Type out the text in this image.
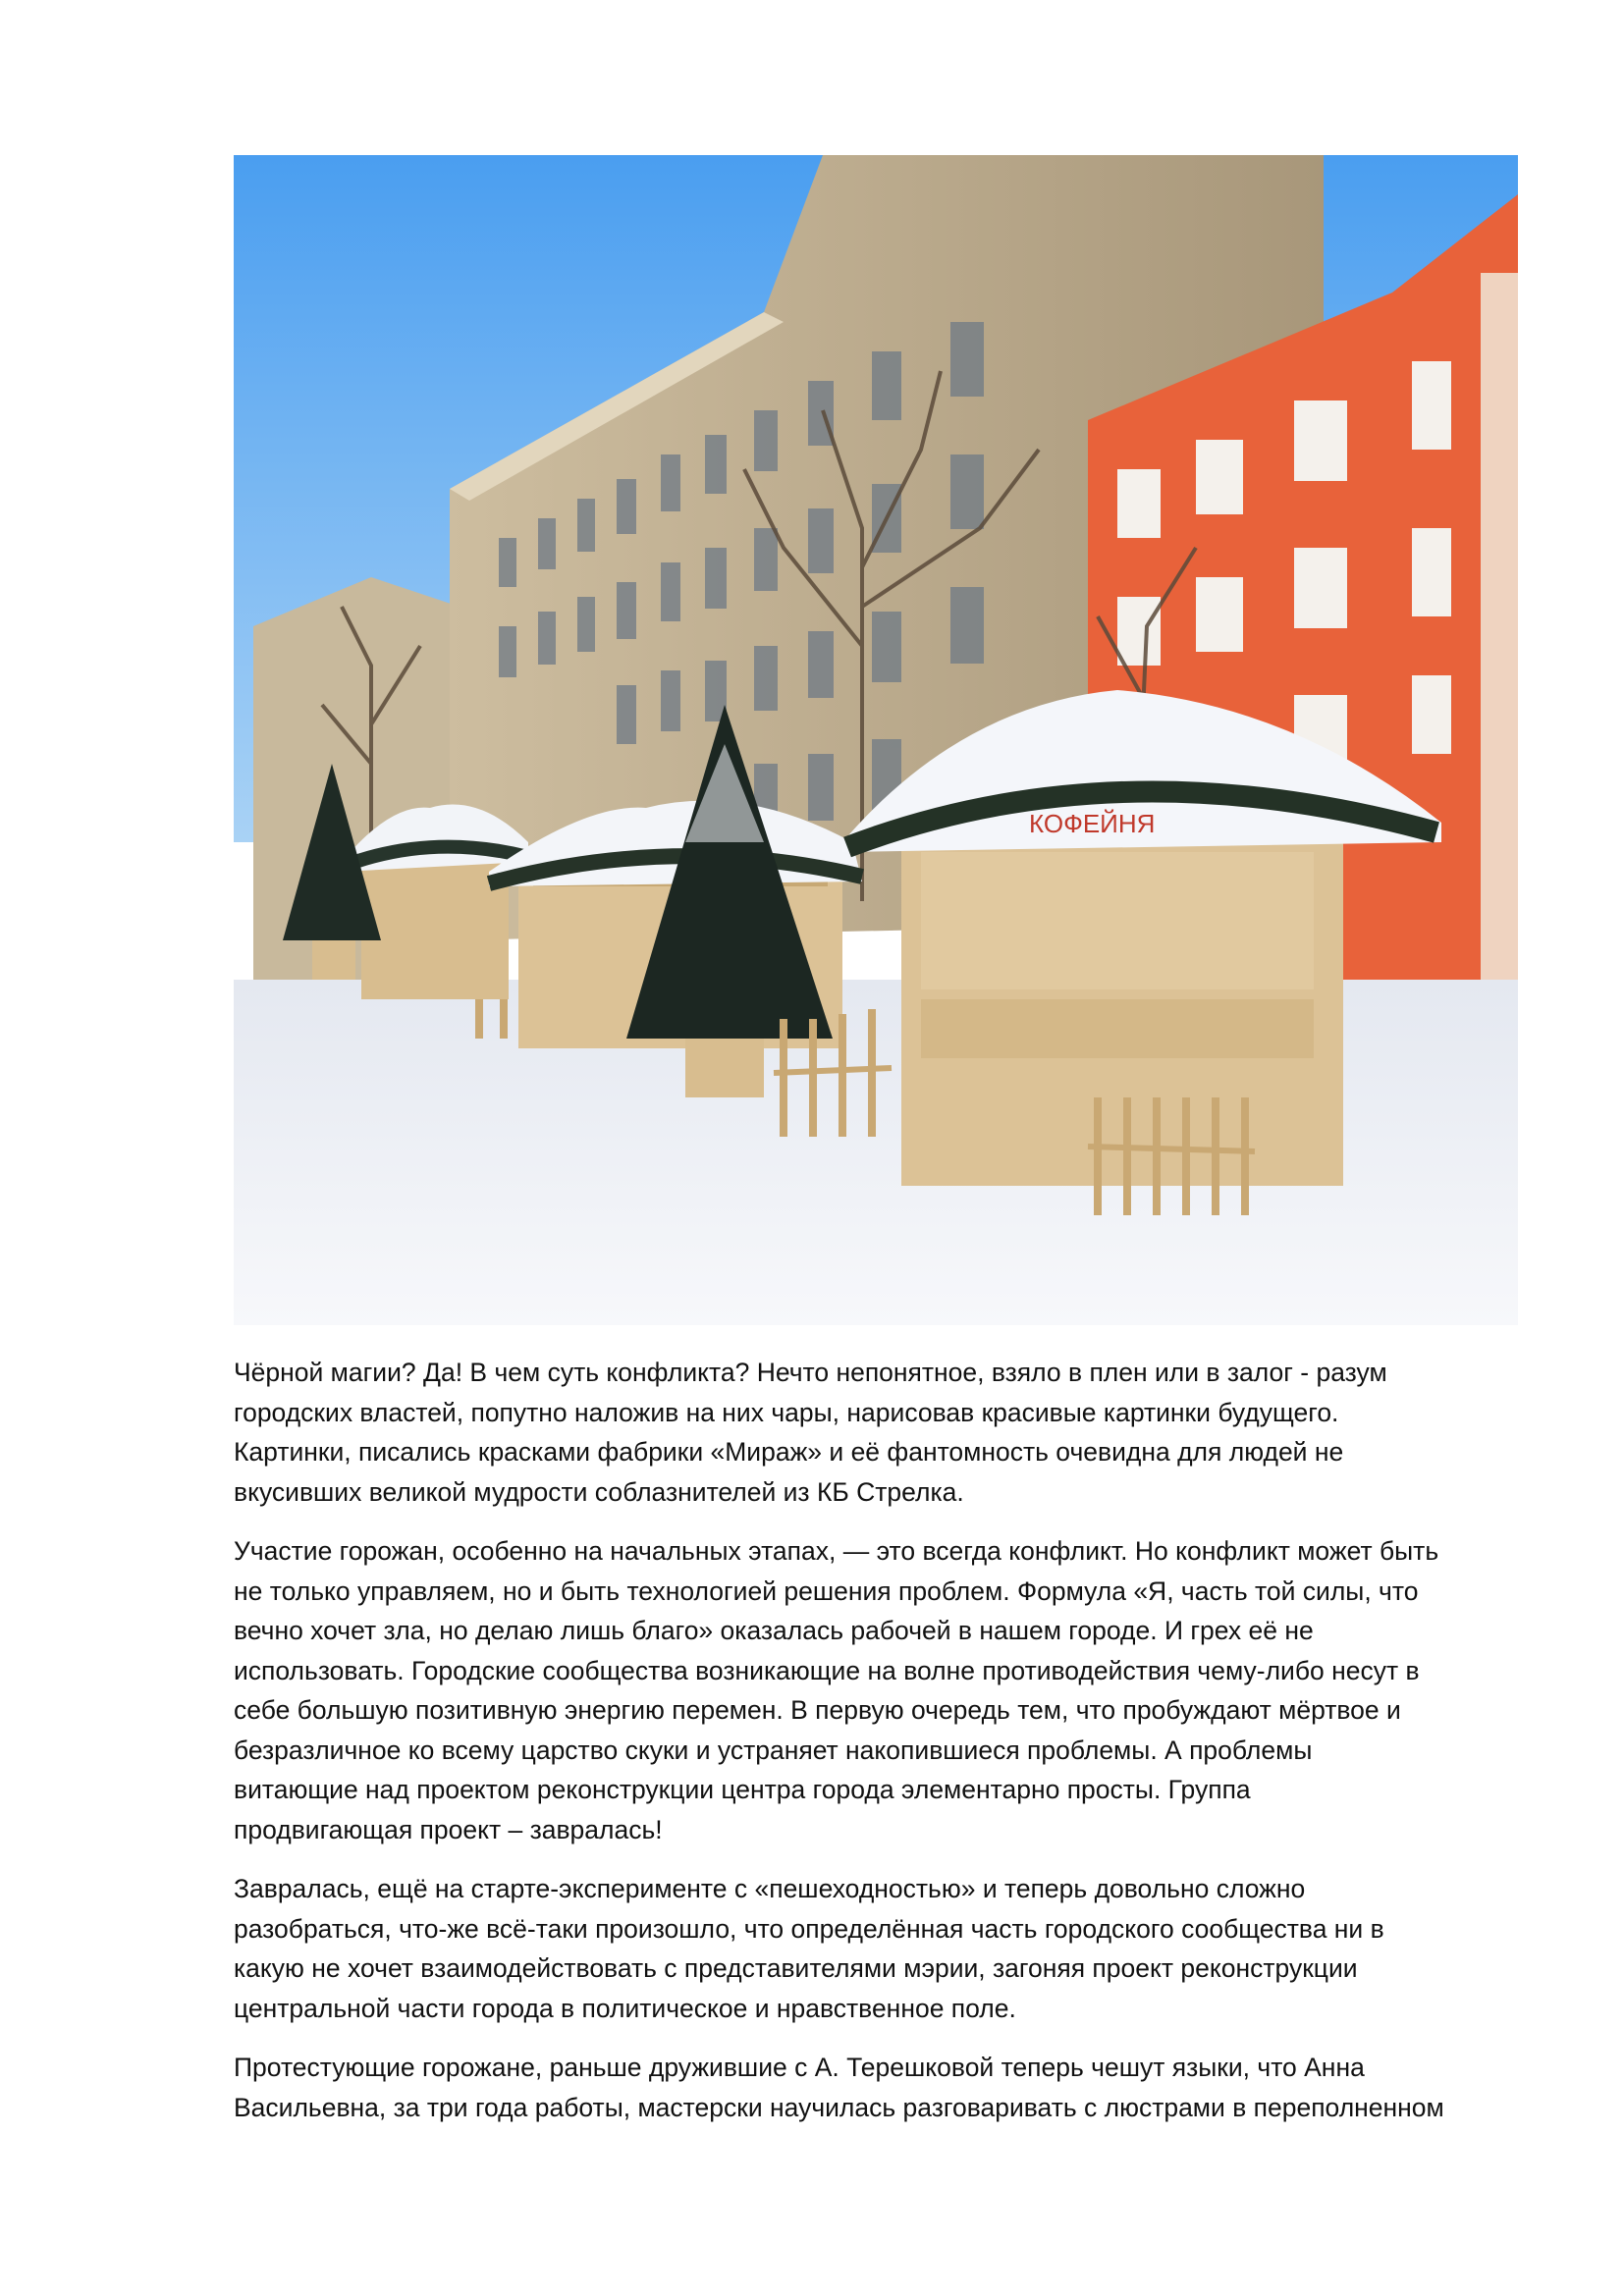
КОФЕЙНЯ

Чёрной магии? Да! В чем суть конфликта? Нечто непонятное, взяло в плен или в залог - разум
городских властей, попутно наложив на них чары, нарисовав красивые картинки будущего.
Картинки, писались красками фабрики «Мираж» и её фантомность очевидна для людей не
вкусивших великой мудрости соблазнителей из КБ Стрелка.

Участие горожан, особенно на начальных этапах, — это всегда конфликт. Но конфликт может быть
не только управляем, но и быть технологией решения проблем. Формула «Я, часть той силы, что
вечно хочет зла, но делаю лишь благо» оказалась рабочей в нашем городе. И грех её не
использовать. Городские сообщества возникающие на волне противодействия чему-либо несут в
себе большую позитивную энергию перемен. В первую очередь тем, что пробуждают мёртвое и
безразличное ко всему царство скуки и устраняет накопившиеся проблемы. А проблемы
витающие над проектом реконструкции центра города элементарно просты. Группа
продвигающая проект – завралась!

Завралась, ещё на старте-эксперименте с «пешеходностью» и теперь довольно сложно
разобраться, что-же всё-таки произошло, что определённая часть городского сообщества ни в
какую не хочет взаимодействовать с представителями мэрии, загоняя проект реконструкции
центральной части города в политическое и нравственное поле.

Протестующие горожане, раньше дружившие с А. Терешковой теперь чешут языки, что Анна
Васильевна, за три года работы, мастерски научилась разговаривать с люстрами в переполненном
